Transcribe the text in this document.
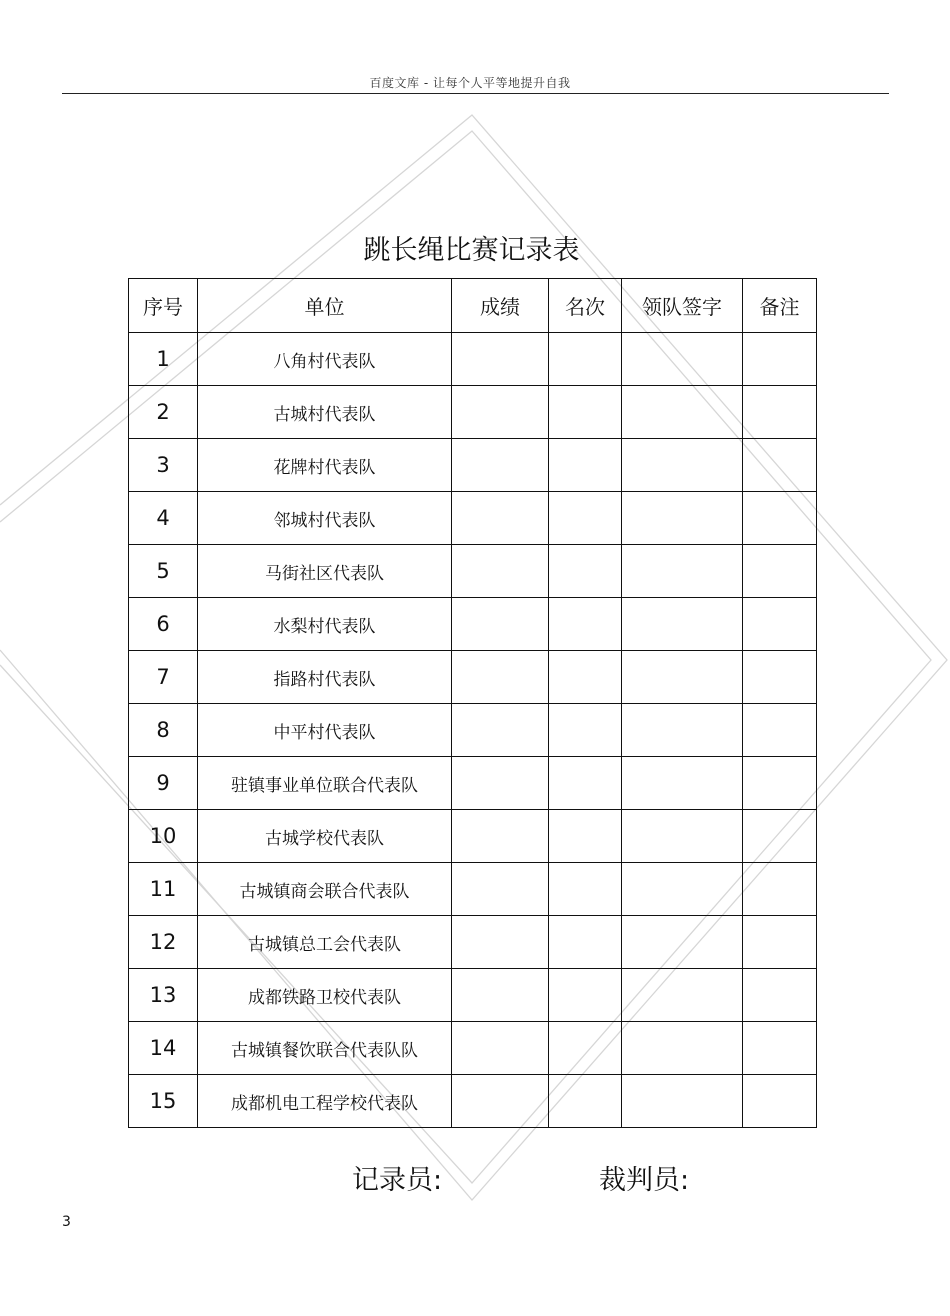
百度文库 - 让每个人平等地提升自我
跳长绳比赛记录表
序号	单位	成绩	名次	领队签字	备注
1	八角村代表队				
2	古城村代表队				
3	花牌村代表队				
4	邻城村代表队				
5	马街社区代表队				
6	水梨村代表队				
7	指路村代表队				
8	中平村代表队				
9	驻镇事业单位联合代表队				
10	古城学校代表队				
11	古城镇商会联合代表队				
12	古城镇总工会代表队				
13	成都铁路卫校代表队				
14	古城镇餐饮联合代表队队				
15	成都机电工程学校代表队				
记录员:	裁判员:
3
